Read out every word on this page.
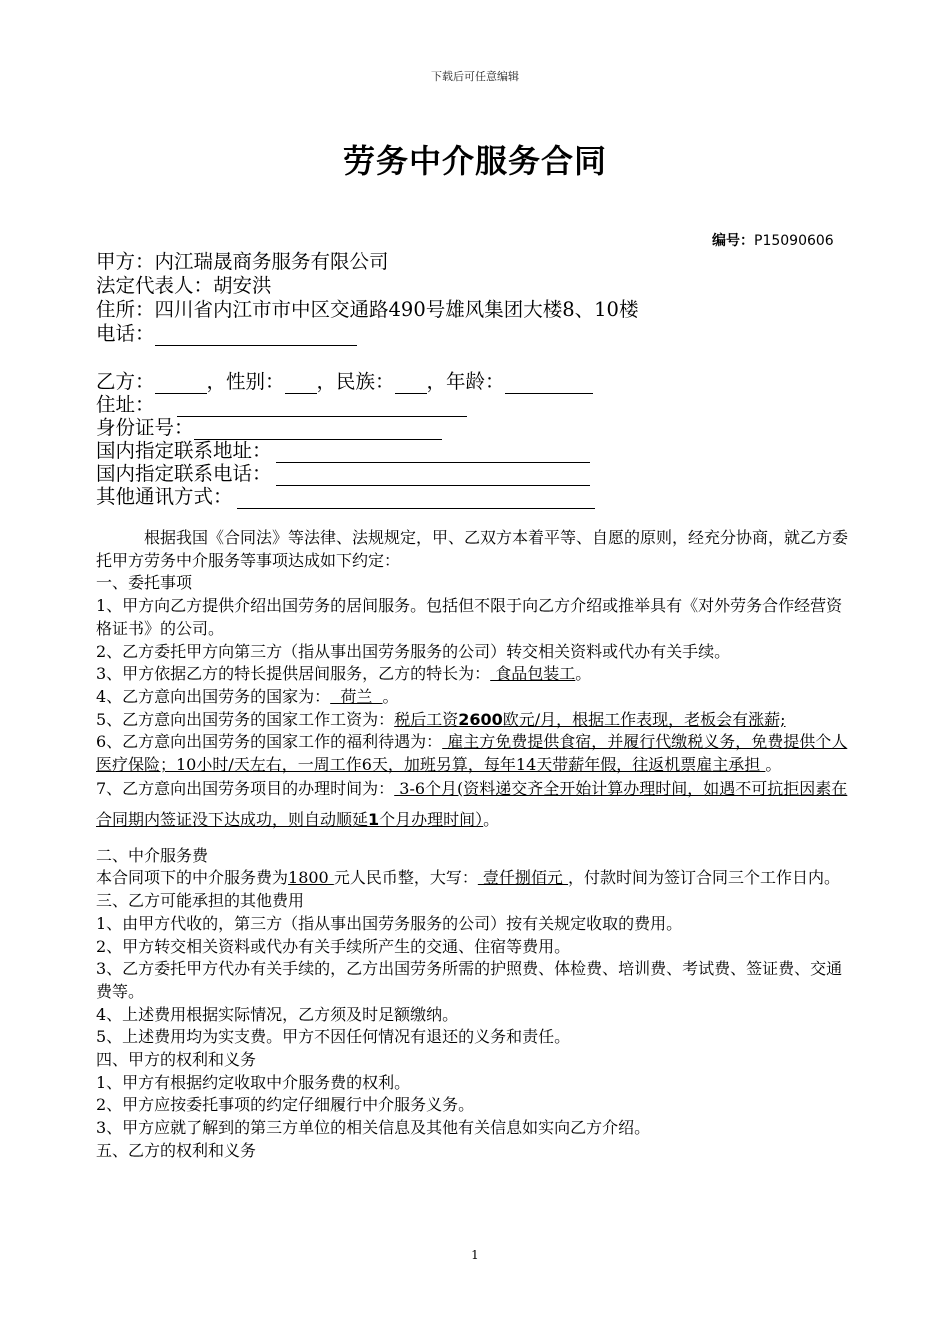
下载后可任意编辑
劳务中介服务合同
编号：P15090606
甲方：内江瑞晟商务服务有限公司
法定代表人：胡安洪
住所：四川省内江市市中区交通路490号雄风集团大楼8、10楼
电话：
乙方：	，性别： ，民族： ，年龄：
住址：
身份证号：
国内指定联系地址：
国内指定联系电话：
其他通讯方式：

根据我国《合同法》等法律、法规规定，甲、乙双方本着平等、自愿的原则，经充分协商，就乙方委托甲方劳务中介服务等事项达成如下约定：

一、委托事项

1、甲方向乙方提供介绍出国劳务的居间服务。包括但不限于向乙方介绍或推举具有《对外劳务合作经营资格证书》的公司。

2、乙方委托甲方向第三方（指从事出国劳务服务的公司）转交相关资料或代办有关手续。

3、甲方依据乙方的特长提供居间服务，乙方的特长为： 食品包装工。

4、乙方意向出国劳务的国家为：  荷兰  。

5、乙方意向出国劳务的国家工作工资为：税后工资2600欧元/月，根据工作表现，老板会有涨薪;

6、乙方意向出国劳务的国家工作的福利待遇为： 雇主方免费提供食宿，并履行代缴税义务，免费提供个人医疗保险；10小时/天左右，一周工作6天，加班另算，每年14天带薪年假，往返机票雇主承担 。

7、乙方意向出国劳务项目的办理时间为： 3-6个月(资料递交齐全开始计算办理时间，如遇不可抗拒因素在合同期内签证没下达成功，则自动顺延1个月办理时间）。

二、中介服务费

本合同项下的中介服务费为1800 元人民币整，大写： 壹仟捌佰元 ，付款时间为签订合同三个工作日内。

三、乙方可能承担的其他费用

1、由甲方代收的，第三方（指从事出国劳务服务的公司）按有关规定收取的费用。

2、甲方转交相关资料或代办有关手续所产生的交通、住宿等费用。

3、乙方委托甲方代办有关手续的，乙方出国劳务所需的护照费、体检费、培训费、考试费、签证费、交通费等。

4、上述费用根据实际情况，乙方须及时足额缴纳。

5、上述费用均为实支费。甲方不因任何情况有退还的义务和责任。

四、甲方的权利和义务

1、甲方有根据约定收取中介服务费的权利。

2、甲方应按委托事项的约定仔细履行中介服务义务。

3、甲方应就了解到的第三方单位的相关信息及其他有关信息如实向乙方介绍。

五、乙方的权利和义务

1
